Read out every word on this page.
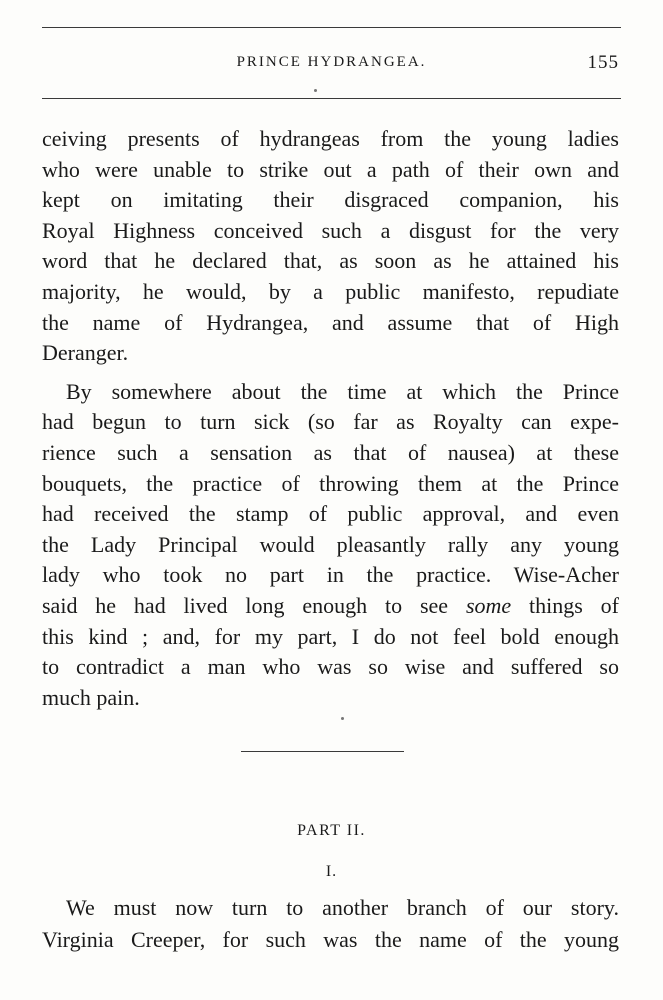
PRINCE HYDRANGEA.	155
ceiving presents of hydrangeas from the young ladies
who were unable to strike out a path of their own and
kept on imitating their disgraced companion, his
Royal Highness conceived such a disgust for the very
word that he declared that, as soon as he attained his
majority, he would, by a public manifesto, repudiate
the name of Hydrangea, and assume that of High
Deranger.
By somewhere about the time at which the Prince
had begun to turn sick (so far as Royalty can expe-
rience such a sensation as that of nausea) at these
bouquets, the practice of throwing them at the Prince
had received the stamp of public approval, and even
the Lady Principal would pleasantly rally any young
lady who took no part in the practice. Wise-Acher
said he had lived long enough to see some things of
this kind ; and, for my part, I do not feel bold enough
to contradict a man who was so wise and suffered so
much pain.
PART II.
I.
We must now turn to another branch of our story.
Virginia Creeper, for such was the name of the young
